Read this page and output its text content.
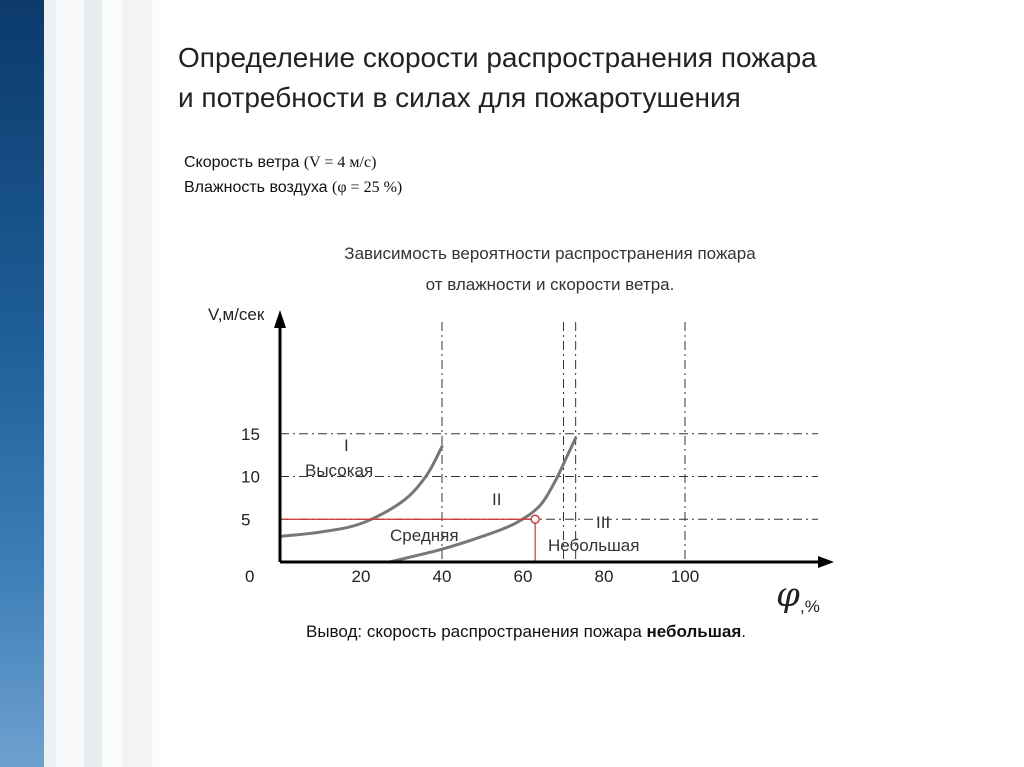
Определение скорости распространения пожара
и потребности в силах для пожаротушения
Скорость ветра (V = 4 м/с)
Влажность воздуха (φ = 25 %)
Зависимость вероятности распространения пожара
от влажности и скорости ветра.
V,м/сек
φ ,%
0
I
Высокая
II
Средняя
III
Небольшая
5
10
15
20	40	60	80	100
Вывод: скорость распространения пожара небольшая.
